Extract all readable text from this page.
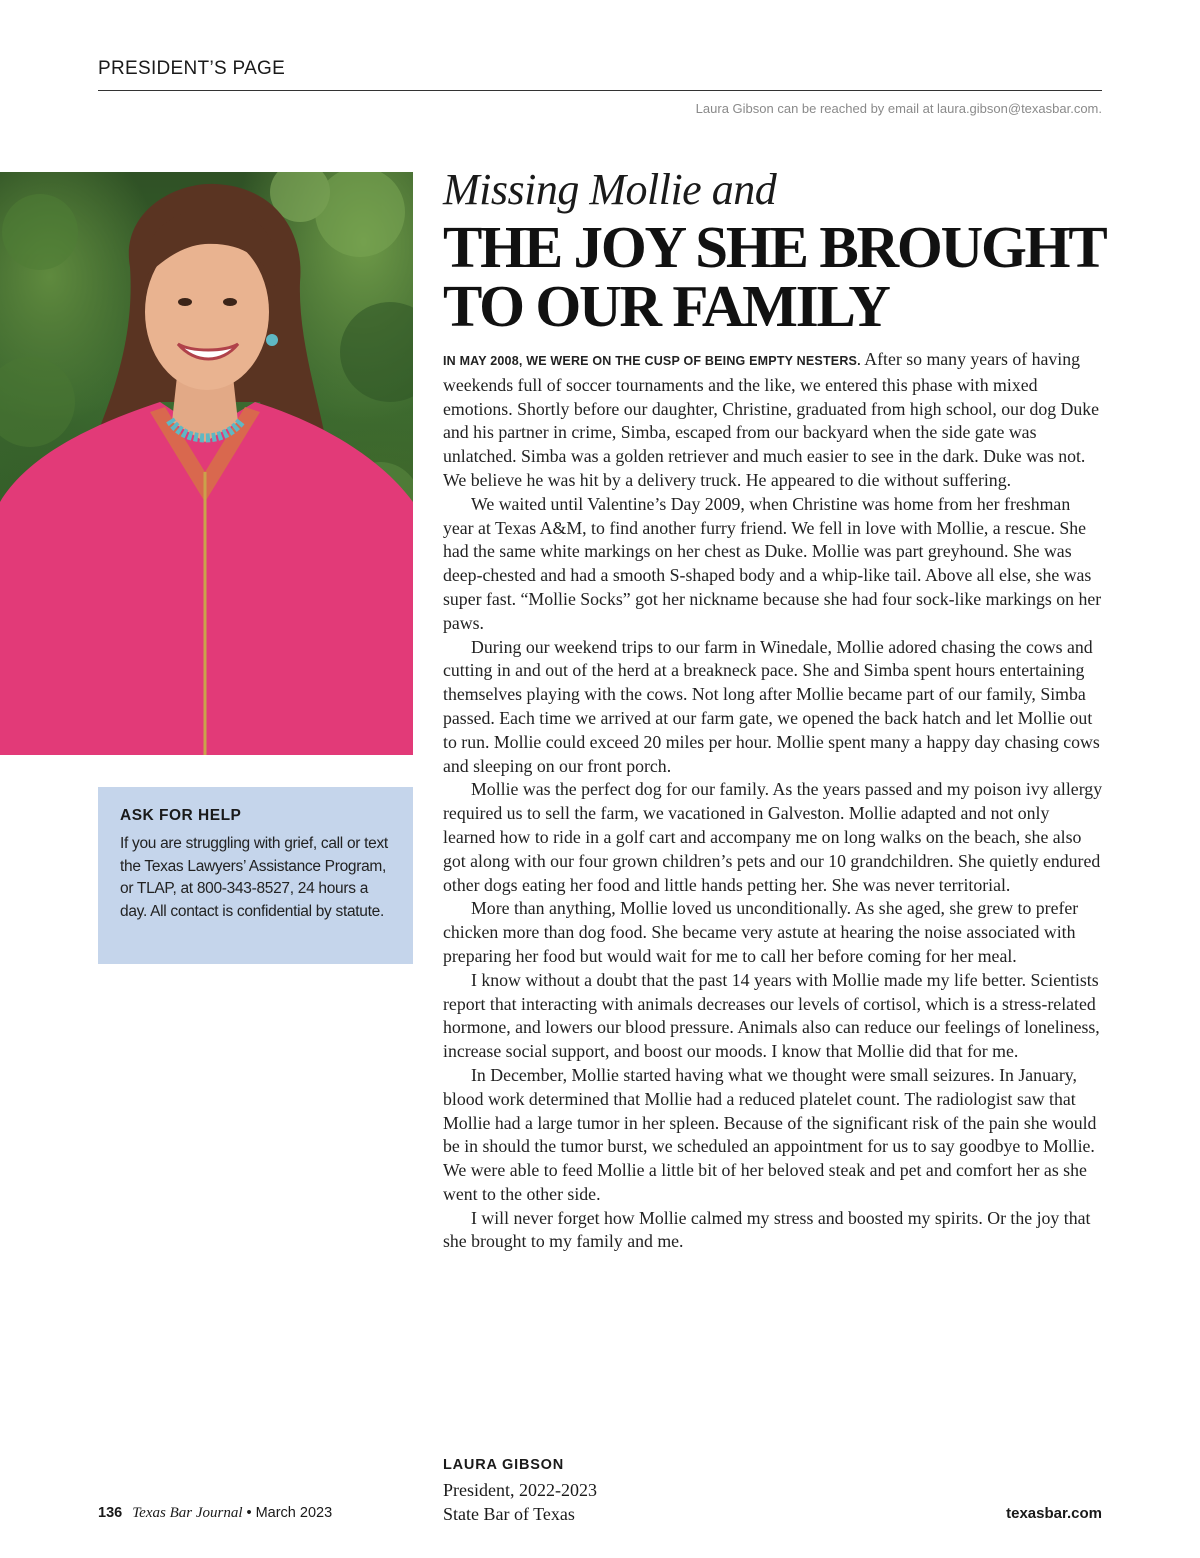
PRESIDENT’S PAGE
Laura Gibson can be reached by email at laura.gibson@texasbar.com.
ASK FOR HELP
If you are struggling with grief, call or text the Texas Lawyers’ Assistance Program, or TLAP, at 800-343-8527, 24 hours a day. All contact is confidential by statute.
Missing Mollie and
THE JOY SHE BROUGHT
TO OUR FAMILY

IN MAY 2008, WE WERE ON THE CUSP OF BEING EMPTY NESTERS. After so many years of having weekends full of soccer tournaments and the like, we entered this phase with mixed emotions. Shortly before our daughter, Christine, graduated from high school, our dog Duke and his partner in crime, Simba, escaped from our backyard when the side gate was unlatched. Simba was a golden retriever and much easier to see in the dark. Duke was not. We believe he was hit by a delivery truck. He appeared to die without suffering.

We waited until Valentine’s Day 2009, when Christine was home from her freshman year at Texas A&M, to find another furry friend. We fell in love with Mollie, a rescue. She had the same white markings on her chest as Duke. Mollie was part greyhound. She was deep-chested and had a smooth S-shaped body and a whip-like tail. Above all else, she was super fast. “Mollie Socks” got her nickname because she had four sock-like markings on her paws.

During our weekend trips to our farm in Winedale, Mollie adored chasing the cows and cutting in and out of the herd at a breakneck pace. She and Simba spent hours entertaining themselves playing with the cows. Not long after Mollie became part of our family, Simba passed. Each time we arrived at our farm gate, we opened the back hatch and let Mollie out to run. Mollie could exceed 20 miles per hour. Mollie spent many a happy day chasing cows and sleeping on our front porch.

Mollie was the perfect dog for our family. As the years passed and my poison ivy allergy required us to sell the farm, we vacationed in Galveston. Mollie adapted and not only learned how to ride in a golf cart and accompany me on long walks on the beach, she also got along with our four grown children’s pets and our 10 grandchildren. She quietly endured other dogs eating her food and little hands petting her. She was never territorial.

More than anything, Mollie loved us unconditionally. As she aged, she grew to prefer chicken more than dog food. She became very astute at hearing the noise associated with preparing her food but would wait for me to call her before coming for her meal.

I know without a doubt that the past 14 years with Mollie made my life better. Scientists report that interacting with animals decreases our levels of cortisol, which is a stress-related hormone, and lowers our blood pressure. Animals also can reduce our feelings of loneliness, increase social support, and boost our moods. I know that Mollie did that for me.

In December, Mollie started having what we thought were small seizures. In January, blood work determined that Mollie had a reduced platelet count. The radiologist saw that Mollie had a large tumor in her spleen. Because of the significant risk of the pain she would be in should the tumor burst, we scheduled an appointment for us to say goodbye to Mollie. We were able to feed Mollie a little bit of her beloved steak and pet and comfort her as she went to the other side.

I will never forget how Mollie calmed my stress and boosted my spirits. Or the joy that she brought to my family and me.

LAURA GIBSON
President, 2022-2023
State Bar of Texas
136 Texas Bar Journal • March 2023	texasbar.com
